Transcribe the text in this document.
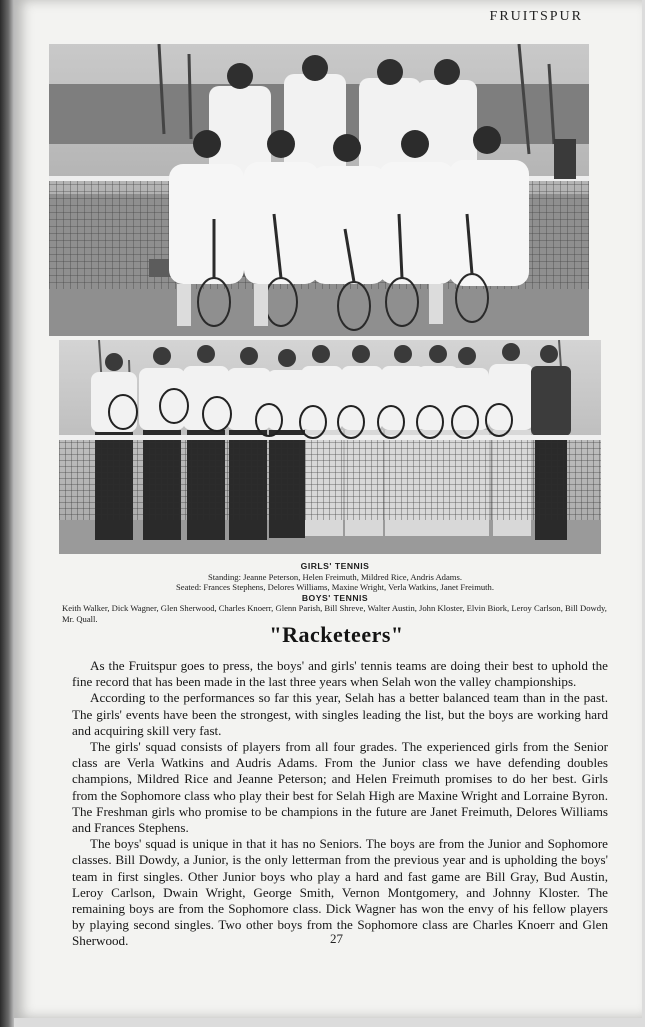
FRUITSPUR
GIRLS' TENNIS
Standing: Jeanne Peterson, Helen Freimuth, Mildred Rice, Andris Adams.
Seated: Frances Stephens, Delores Williams, Maxine Wright, Verla Watkins, Janet Freimuth.
BOYS' TENNIS
Keith Walker, Dick Wagner, Glen Sherwood, Charles Knoerr, Glenn Parish, Bill Shreve, Walter Austin, John Kloster, Elvin Biork, Leroy Carlson, Bill Dowdy, Mr. Quall.
"Racketeers"

As the Fruitspur goes to press, the boys' and girls' tennis teams are doing their best to uphold the fine record that has been made in the last three years when Selah won the valley championships.

According to the performances so far this year, Selah has a better balanced team than in the past. The girls' events have been the strongest, with singles leading the list, but the boys are working hard and acquiring skill very fast.

The girls' squad consists of players from all four grades. The experienced girls from the Senior class are Verla Watkins and Audris Adams. From the Junior class we have defending doubles champions, Mildred Rice and Jeanne Peterson; and Helen Freimuth promises to do her best. Girls from the Sophomore class who play their best for Selah High are Maxine Wright and Lorraine Byron. The Freshman girls who promise to be champions in the future are Janet Freimuth, Delores Williams and Frances Stephens.

The boys' squad is unique in that it has no Seniors. The boys are from the Junior and Sophomore classes. Bill Dowdy, a Junior, is the only letterman from the previous year and is upholding the boys' team in first singles. Other Junior boys who play a hard and fast game are Bill Gray, Bud Austin, Leroy Carlson, Dwain Wright, George Smith, Vernon Montgomery, and Johnny Kloster. The remaining boys are from the Sophomore class. Dick Wagner has won the envy of his fellow players by playing second singles. Two other boys from the Sophomore class are Charles Knoerr and Glen Sherwood.	27
